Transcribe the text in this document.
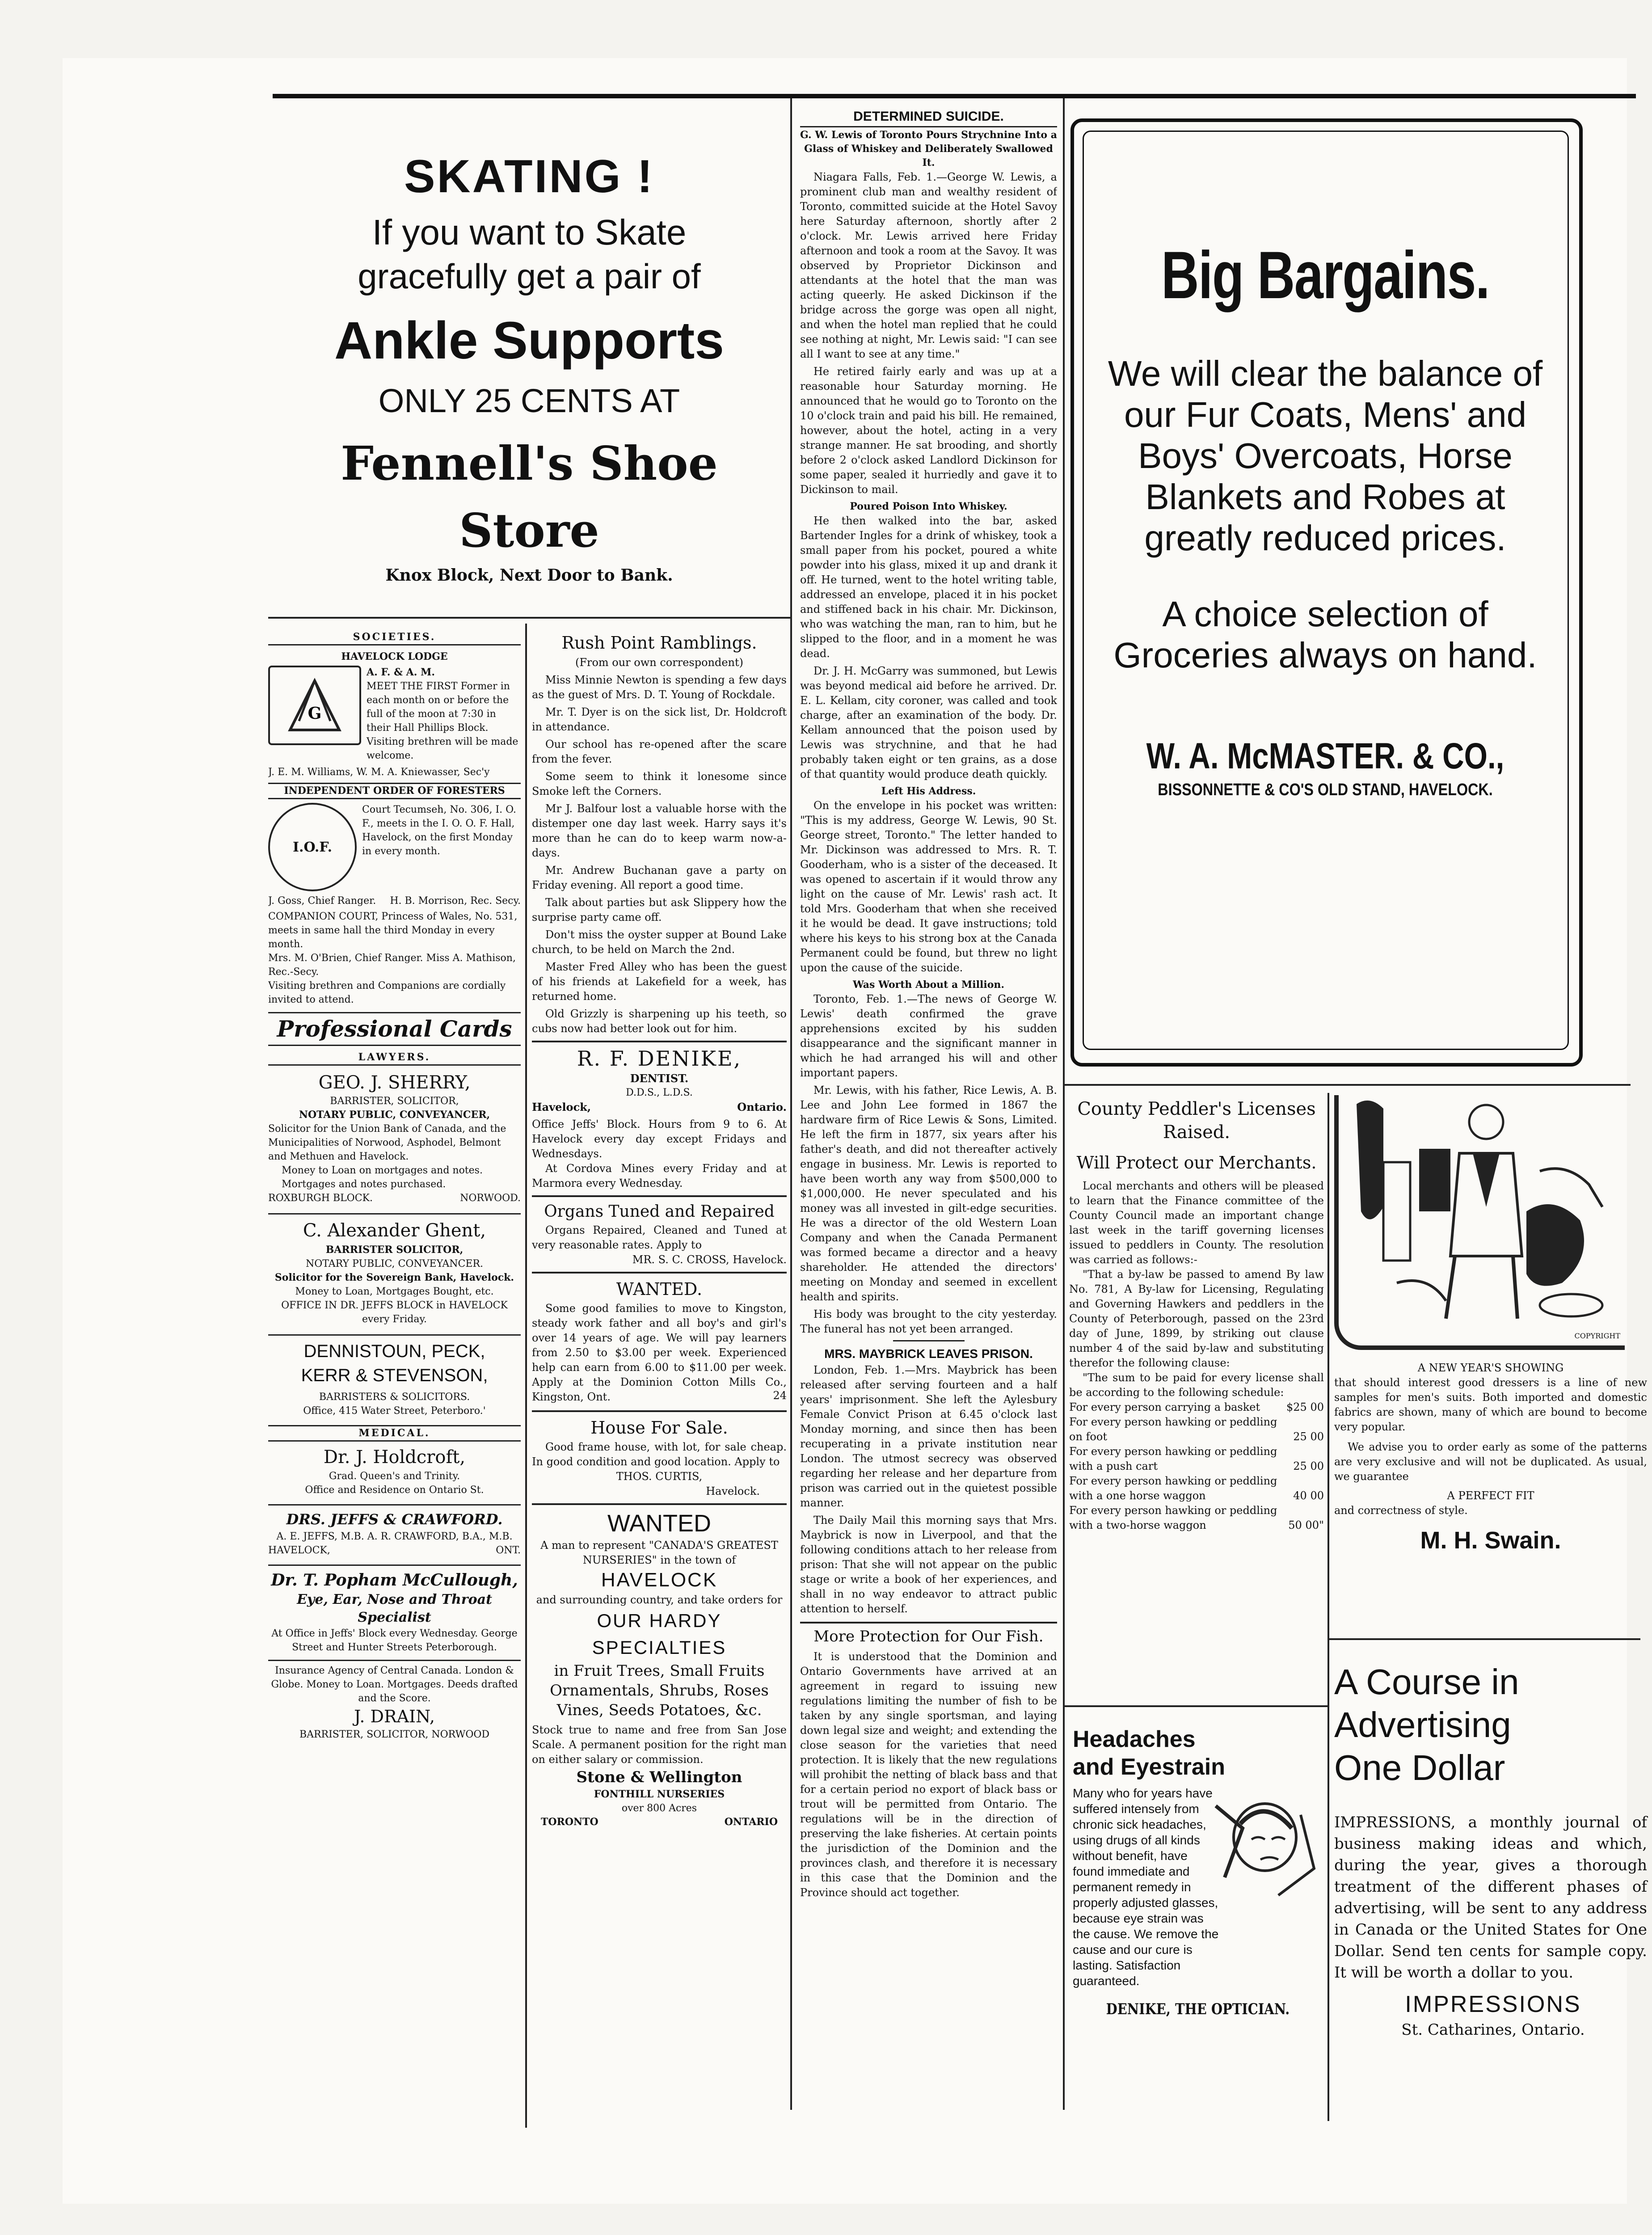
SKATING !
If you want to Skate
gracefully get a pair of
Ankle Supports
ONLY 25 CENTS AT
Fennell's Shoe Store
Knox Block, Next Door to Bank.
SOCIETIES.
HAVELOCK LODGE
G
A. F. & A. M.
MEET THE FIRST Former in each month on or before the full of the moon at 7:30 in their Hall Phillips Block. Visiting brethren will be made welcome.
J. E. M. Williams, W. M. A. Kniewasser, Sec'y
INDEPENDENT ORDER OF FORESTERS
I.O.F.
Court Tecumseh, No. 306, I. O. F., meets in the I. O. O. F. Hall, Havelock, on the first Monday in every month.
J. Goss, Chief Ranger. H. B. Morrison, Rec. Secy.
COMPANION COURT, Princess of Wales, No. 531, meets in same hall the third Monday in every month.
Mrs. M. O'Brien, Chief Ranger. Miss A. Mathison, Rec.-Secy.
Visiting brethren and Companions are cordially invited to attend.
Professional Cards
LAWYERS.
GEO. J. SHERRY,
BARRISTER, SOLICITOR,
NOTARY PUBLIC, CONVEYANCER,
Solicitor for the Union Bank of Canada, and the Municipalities of Norwood, Asphodel, Belmont and Methuen and Havelock.
Money to Loan on mortgages and notes.
Mortgages and notes purchased.
ROXBURGH BLOCK.	NORWOOD.
C. Alexander Ghent,
BARRISTER SOLICITOR,
NOTARY PUBLIC, CONVEYANCER.
Solicitor for the Sovereign Bank, Havelock.
Money to Loan, Mortgages Bought, etc.
OFFICE IN DR. JEFFS BLOCK in HAVELOCK every Friday.
DENNISTOUN, PECK,
KERR & STEVENSON,
BARRISTERS & SOLICITORS.
Office, 415 Water Street, Peterboro.'
MEDICAL.
Dr. J. Holdcroft,
Grad. Queen's and Trinity.
Office and Residence on Ontario St.
DRS. JEFFS & CRAWFORD.
A. E. JEFFS, M.B. A. R. CRAWFORD, B.A., M.B.
HAVELOCK,	ONT.
Dr. T. Popham McCullough,
Eye, Ear, Nose and Throat Specialist
At Office in Jeffs' Block every Wednesday. George Street and Hunter Streets Peterborough.
Insurance Agency of Central Canada. London & Globe. Money to Loan. Mortgages. Deeds drafted and the Score.
J. DRAIN,
BARRISTER, SOLICITOR, NORWOOD
Rush Point Ramblings.
(From our own correspondent)
Miss Minnie Newton is spending a few days as the guest of Mrs. D. T. Young of Rockdale.
Mr. T. Dyer is on the sick list, Dr. Holdcroft in attendance.
Our school has re-opened after the scare from the fever.
Some seem to think it lonesome since Smoke left the Corners.
Mr J. Balfour lost a valuable horse with the distemper one day last week. Harry says it's more than he can do to keep warm now-a-days.
Mr. Andrew Buchanan gave a party on Friday evening. All report a good time.
Talk about parties but ask Slippery how the surprise party came off.
Don't miss the oyster supper at Bound Lake church, to be held on March the 2nd.
Master Fred Alley who has been the guest of his friends at Lakefield for a week, has returned home.
Old Grizzly is sharpening up his teeth, so cubs now had better look out for him.
R. F. DENIKE,
DENTIST.
D.D.S., L.D.S.
Havelock,	Ontario.
Office Jeffs' Block. Hours from 9 to 6. At Havelock every day except Fridays and Wednesdays.
At Cordova Mines every Friday and at Marmora every Wednesday.
Organs Tuned and Repaired
Organs Repaired, Cleaned and Tuned at very reasonable rates. Apply to
MR. S. C. CROSS, Havelock.
WANTED.
Some good families to move to Kingston, steady work father and all boy's and girl's over 14 years of age. We will pay learners from 2.50 to $3.00 per week. Experienced help can earn from 6.00 to $11.00 per week. Apply at the Dominion Cotton Mills Co., Kingston, Ont.	24
House For Sale.
Good frame house, with lot, for sale cheap. In good condition and good location. Apply to
THOS. CURTIS,
Havelock.
WANTED
A man to represent "CANADA'S GREATEST NURSERIES" in the town of
HAVELOCK
and surrounding country, and take orders for
OUR HARDY SPECIALTIES
in Fruit Trees, Small Fruits Ornamentals, Shrubs, Roses Vines, Seeds Potatoes, &c.
Stock true to name and free from San Jose Scale. A permanent position for the right man on either salary or commission.
Stone & Wellington
FONTHILL NURSERIES
over 800 Acres
TORONTO	ONTARIO
DETERMINED SUICIDE.
G. W. Lewis of Toronto Pours Strychnine Into a Glass of Whiskey and Deliberately Swallowed It.
Niagara Falls, Feb. 1.—George W. Lewis, a prominent club man and wealthy resident of Toronto, committed suicide at the Hotel Savoy here Saturday afternoon, shortly after 2 o'clock. Mr. Lewis arrived here Friday afternoon and took a room at the Savoy. It was observed by Proprietor Dickinson and attendants at the hotel that the man was acting queerly. He asked Dickinson if the bridge across the gorge was open all night, and when the hotel man replied that he could see nothing at night, Mr. Lewis said: "I can see all I want to see at any time."
He retired fairly early and was up at a reasonable hour Saturday morning. He announced that he would go to Toronto on the 10 o'clock train and paid his bill. He remained, however, about the hotel, acting in a very strange manner. He sat brooding, and shortly before 2 o'clock asked Landlord Dickinson for some paper, sealed it hurriedly and gave it to Dickinson to mail.
Poured Poison Into Whiskey.
He then walked into the bar, asked Bartender Ingles for a drink of whiskey, took a small paper from his pocket, poured a white powder into his glass, mixed it up and drank it off. He turned, went to the hotel writing table, addressed an envelope, placed it in his pocket and stiffened back in his chair. Mr. Dickinson, who was watching the man, ran to him, but he slipped to the floor, and in a moment he was dead.
Dr. J. H. McGarry was summoned, but Lewis was beyond medical aid before he arrived. Dr. E. L. Kellam, city coroner, was called and took charge, after an examination of the body. Dr. Kellam announced that the poison used by Lewis was strychnine, and that he had probably taken eight or ten grains, as a dose of that quantity would produce death quickly.
Left His Address.
On the envelope in his pocket was written: "This is my address, George W. Lewis, 90 St. George street, Toronto." The letter handed to Mr. Dickinson was addressed to Mrs. R. T. Gooderham, who is a sister of the deceased. It was opened to ascertain if it would throw any light on the cause of Mr. Lewis' rash act. It told Mrs. Gooderham that when she received it he would be dead. It gave instructions; told where his keys to his strong box at the Canada Permanent could be found, but threw no light upon the cause of the suicide.
Was Worth About a Million.
Toronto, Feb. 1.—The news of George W. Lewis' death confirmed the grave apprehensions excited by his sudden disappearance and the significant manner in which he had arranged his will and other important papers.
Mr. Lewis, with his father, Rice Lewis, A. B. Lee and John Lee formed in 1867 the hardware firm of Rice Lewis & Sons, Limited. He left the firm in 1877, six years after his father's death, and did not thereafter actively engage in business. Mr. Lewis is reported to have been worth any way from $500,000 to $1,000,000. He never speculated and his money was all invested in gilt-edge securities. He was a director of the old Western Loan Company and when the Canada Permanent was formed became a director and a heavy shareholder. He attended the directors' meeting on Monday and seemed in excellent health and spirits.
His body was brought to the city yesterday. The funeral has not yet been arranged.
MRS. MAYBRICK LEAVES PRISON.
London, Feb. 1.—Mrs. Maybrick has been released after serving fourteen and a half years' imprisonment. She left the Aylesbury Female Convict Prison at 6.45 o'clock last Monday morning, and since then has been recuperating in a private institution near London. The utmost secrecy was observed regarding her release and her departure from prison was carried out in the quietest possible manner.
The Daily Mail this morning says that Mrs. Maybrick is now in Liverpool, and that the following conditions attach to her release from prison: That she will not appear on the public stage or write a book of her experiences, and shall in no way endeavor to attract public attention to herself.
More Protection for Our Fish.
It is understood that the Dominion and Ontario Governments have arrived at an agreement in regard to issuing new regulations limiting the number of fish to be taken by any single sportsman, and laying down legal size and weight; and extending the close season for the varieties that need protection. It is likely that the new regulations will prohibit the netting of black bass and that for a certain period no export of black bass or trout will be permitted from Ontario. The regulations will be in the direction of preserving the lake fisheries. At certain points the jurisdiction of the Dominion and the provinces clash, and therefore it is necessary in this case that the Dominion and the Province should act together.
Big Bargains.
We will clear the balance of our Fur Coats, Mens' and Boys' Overcoats, Horse Blankets and Robes at greatly reduced prices.
A choice selection of Groceries always on hand.
W. A. McMASTER. & CO.,
BISSONNETTE & CO'S OLD STAND, HAVELOCK.
County Peddler's Licenses Raised.
Will Protect our Merchants.
Local merchants and others will be pleased to learn that the Finance committee of the County Council made an important change last week in the tariff governing licenses issued to peddlers in County. The resolution was carried as follows:-
"That a by-law be passed to amend By law No. 781, A By-law for Licensing, Regulating and Governing Hawkers and peddlers in the County of Peterborough, passed on the 23rd day of June, 1899, by striking out clause number 4 of the said by-law and substituting therefor the following clause:
"The sum to be paid for every license shall be according to the following schedule:
For every person carrying a basket	$25 00
For every person hawking or peddling on foot	25 00
For every person hawking or peddling with a push cart	25 00
For every person hawking or peddling with a one horse waggon	40 00
For every person hawking or peddling with a two-horse waggon	50 00"
Headaches
and Eyestrain
Many who for years have suffered intensely from chronic sick headaches, using drugs of all kinds without benefit, have found immediate and permanent remedy in properly adjusted glasses, because eye strain was the cause. We remove the cause and our cure is lasting. Satisfaction guaranteed.
DENIKE, THE OPTICIAN.
COPYRIGHT
A NEW YEAR'S SHOWING
that should interest good dressers is a line of new samples for men's suits. Both imported and domestic fabrics are shown, many of which are bound to become very popular.
We advise you to order early as some of the patterns are very exclusive and will not be duplicated. As usual, we guarantee
A PERFECT FIT
and correctness of style.
M. H. Swain.
A Course in
Advertising
One Dollar
IMPRESSIONS, a monthly journal of business making ideas and which, during the year, gives a thorough treatment of the different phases of advertising, will be sent to any address in Canada or the United States for One Dollar. Send ten cents for sample copy. It will be worth a dollar to you.
IMPRESSIONS
St. Catharines, Ontario.
